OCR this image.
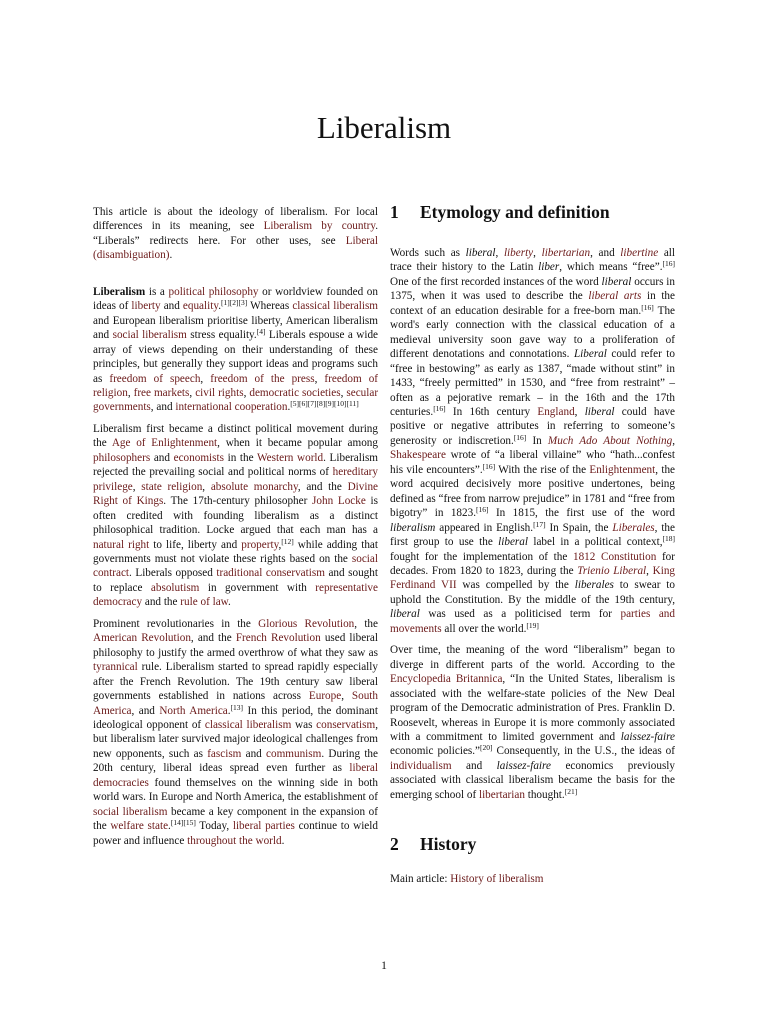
Liberalism

This article is about the ideology of liberalism. For local differences in its meaning, see Liberalism by country. “Liberals” redirects here. For other uses, see Liberal (disambiguation).

Liberalism is a political philosophy or worldview founded on ideas of liberty and equality.[1][2][3] Whereas classical liberalism and European liberalism prioritise liberty, American liberalism and social liberalism stress equality.[4] Liberals espouse a wide array of views depending on their understanding of these principles, but generally they support ideas and programs such as freedom of speech, freedom of the press, freedom of religion, free markets, civil rights, democratic societies, secular governments, and international cooperation.[5][6][7][8][9][10][11]

Liberalism first became a distinct political movement during the Age of Enlightenment, when it became popular among philosophers and economists in the Western world. Liberalism rejected the prevailing social and political norms of hereditary privilege, state religion, absolute monarchy, and the Divine Right of Kings. The 17th-century philosopher John Locke is often credited with founding liberalism as a distinct philosophical tradition. Locke argued that each man has a natural right to life, liberty and property,[12] while adding that governments must not violate these rights based on the social contract. Liberals opposed traditional conservatism and sought to replace absolutism in government with representative democracy and the rule of law.

Prominent revolutionaries in the Glorious Revolution, the American Revolution, and the French Revolution used liberal philosophy to justify the armed overthrow of what they saw as tyrannical rule. Liberalism started to spread rapidly especially after the French Revolution. The 19th century saw liberal governments established in nations across Europe, South America, and North America.[13] In this period, the dominant ideological opponent of classical liberalism was conservatism, but liberalism later survived major ideological challenges from new opponents, such as fascism and communism. During the 20th century, liberal ideas spread even further as liberal democracies found themselves on the winning side in both world wars. In Europe and North America, the establishment of social liberalism became a key component in the expansion of the welfare state.[14][15] Today, liberal parties continue to wield power and influence throughout the world.

1 Etymology and definition

Words such as liberal, liberty, libertarian, and libertine all trace their history to the Latin liber, which means “free”.[16] One of the first recorded instances of the word liberal occurs in 1375, when it was used to describe the liberal arts in the context of an education desirable for a free-born man.[16] The word's early connection with the classical education of a medieval university soon gave way to a proliferation of different denotations and connotations. Liberal could refer to “free in bestowing” as early as 1387, “made without stint” in 1433, “freely permitted” in 1530, and “free from restraint” – often as a pejorative remark – in the 16th and the 17th centuries.[16] In 16th century England, liberal could have positive or negative attributes in referring to someone’s generosity or indiscretion.[16] In Much Ado About Nothing, Shakespeare wrote of “a liberal villaine” who “hath...confest his vile encounters”.[16] With the rise of the Enlightenment, the word acquired decisively more positive undertones, being defined as “free from narrow prejudice” in 1781 and “free from bigotry” in 1823.[16] In 1815, the first use of the word liberalism appeared in English.[17] In Spain, the Liberales, the first group to use the liberal label in a political context,[18] fought for the implementation of the 1812 Constitution for decades. From 1820 to 1823, during the Trienio Liberal, King Ferdinand VII was compelled by the liberales to swear to uphold the Constitution. By the middle of the 19th century, liberal was used as a politicised term for parties and movements all over the world.[19]

Over time, the meaning of the word “liberalism” began to diverge in different parts of the world. According to the Encyclopedia Britannica, “In the United States, liberalism is associated with the welfare-state policies of the New Deal program of the Democratic administration of Pres. Franklin D. Roosevelt, whereas in Europe it is more commonly associated with a commitment to limited government and laissez-faire economic policies.”[20] Consequently, in the U.S., the ideas of individualism and laissez-faire economics previously associated with classical liberalism became the basis for the emerging school of libertarian thought.[21]

2 History

Main article: History of liberalism

1
